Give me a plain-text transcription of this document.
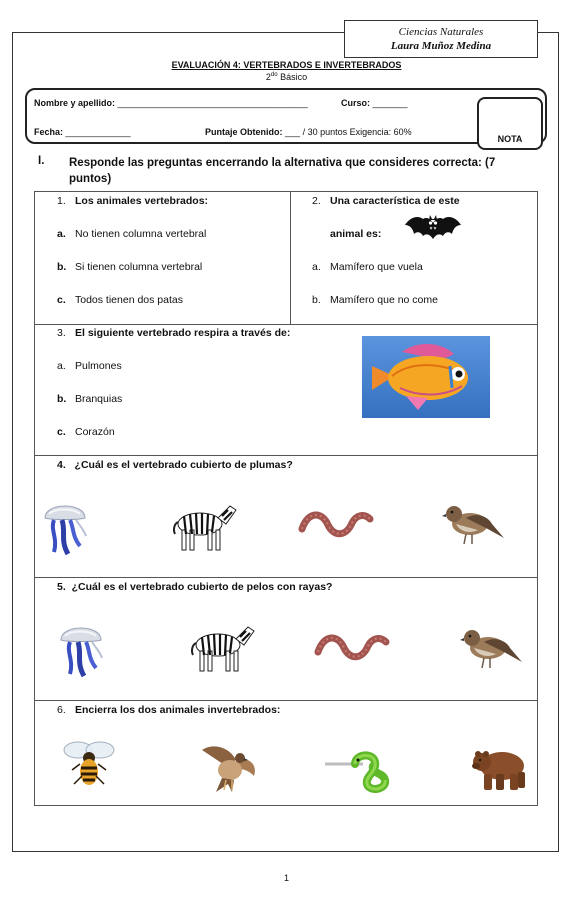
Ciencias Naturales
Laura Muñoz Medina
EVALUACIÓN 4: VERTEBRADOS E INVERTEBRADOS
$2^{do}$ Básico
Nombre y apellido: ______________________________________	Curso: _______
Fecha: _____________	Puntaje Obtenido: ___ / 30 puntos Exigencia: 60%
NOTA
I. Responde las preguntas encerrando la alternativa que consideres correcta: (7
puntos)
1. Los animales vertebrados:
a. No tienen columna vertebral
b. Si tienen columna vertebral
c. Todos tienen dos patas
2. Una característica de este
animal es:
a. Mamífero que vuela
b. Mamífero que no come
3. El siguiente vertebrado respira a través de:
a. Pulmones
b. Branquias
c. Corazón
4. ¿Cuál es el vertebrado cubierto de plumas?
5. ¿Cuál es el vertebrado cubierto de pelos con rayas?
6. Encierra los dos animales invertebrados:
1
